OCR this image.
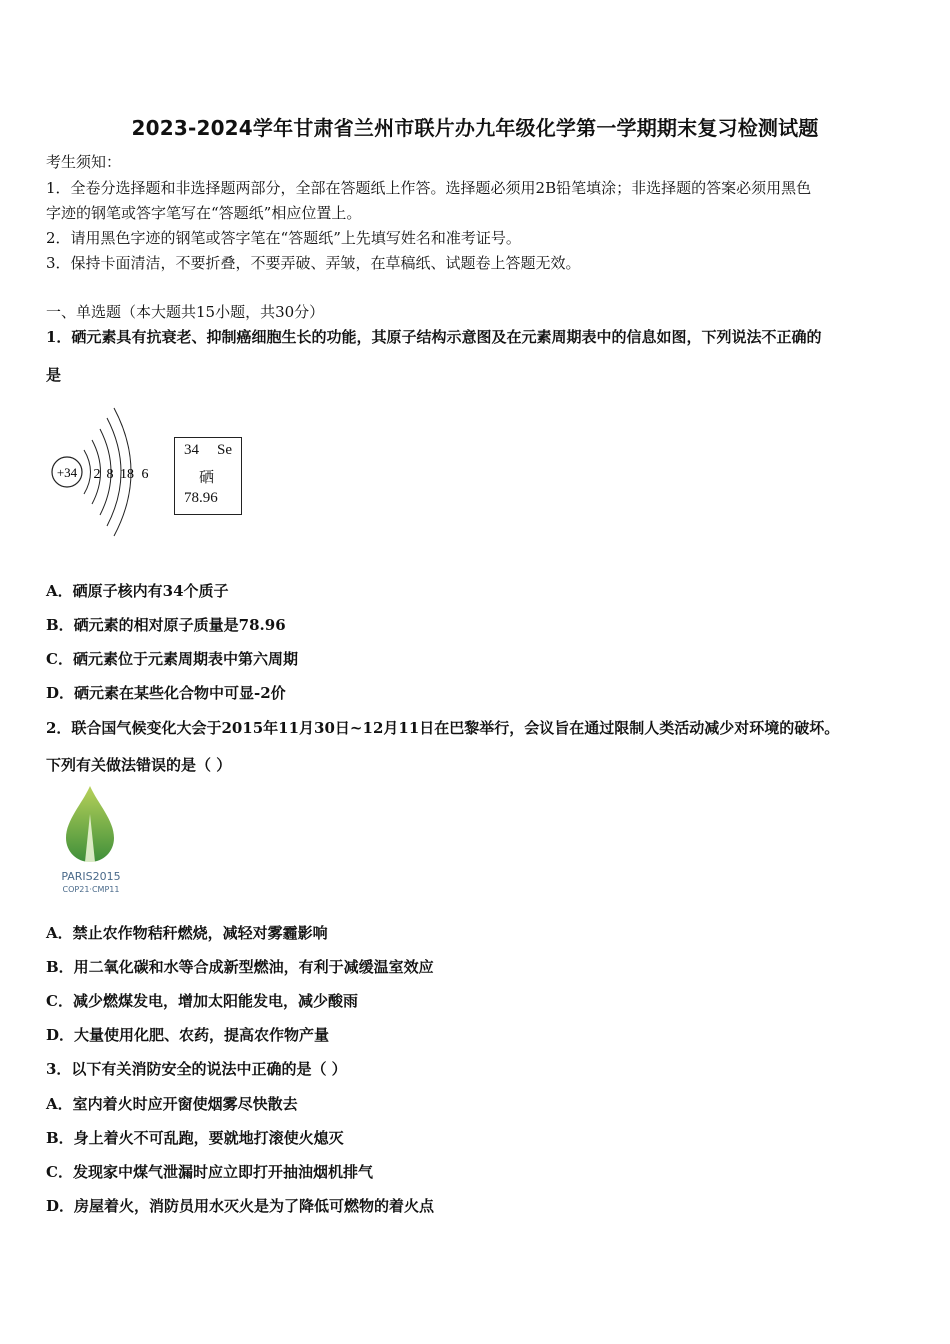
2023-2024学年甘肃省兰州市联片办九年级化学第一学期期末复习检测试题
考生须知：
1．全卷分选择题和非选择题两部分，全部在答题纸上作答。选择题必须用2B铅笔填涂；非选择题的答案必须用黑色
字迹的钢笔或答字笔写在“答题纸”相应位置上。
2．请用黑色字迹的钢笔或答字笔在“答题纸”上先填写姓名和准考证号。
3．保持卡面清洁，不要折叠，不要弄破、弄皱，在草稿纸、试题卷上答题无效。
一、单选题（本大题共15小题，共30分）
1．硒元素具有抗衰老、抑制癌细胞生长的功能，其原子结构示意图及在元素周期表中的信息如图，下列说法不正确的
是
+34 2 8 18 6
34 Se
硒
78.96
A．硒原子核内有34个质子
B．硒元素的相对原子质量是78.96
C．硒元素位于元素周期表中第六周期
D．硒元素在某些化合物中可显-2价
2．联合国气候变化大会于2015年11月30日~12月11日在巴黎举行，会议旨在通过限制人类活动减少对环境的破坏。
下列有关做法错误的是（ ）
PARIS2015
COP21·CMP11
A．禁止农作物秸秆燃烧，减轻对雾霾影响
B．用二氧化碳和水等合成新型燃油，有利于减缓温室效应
C．减少燃煤发电，增加太阳能发电，减少酸雨
D．大量使用化肥、农药，提高农作物产量
3．以下有关消防安全的说法中正确的是（ ）
A．室内着火时应开窗使烟雾尽快散去
B．身上着火不可乱跑，要就地打滚使火熄灭
C．发现家中煤气泄漏时应立即打开抽油烟机排气
D．房屋着火，消防员用水灭火是为了降低可燃物的着火点
